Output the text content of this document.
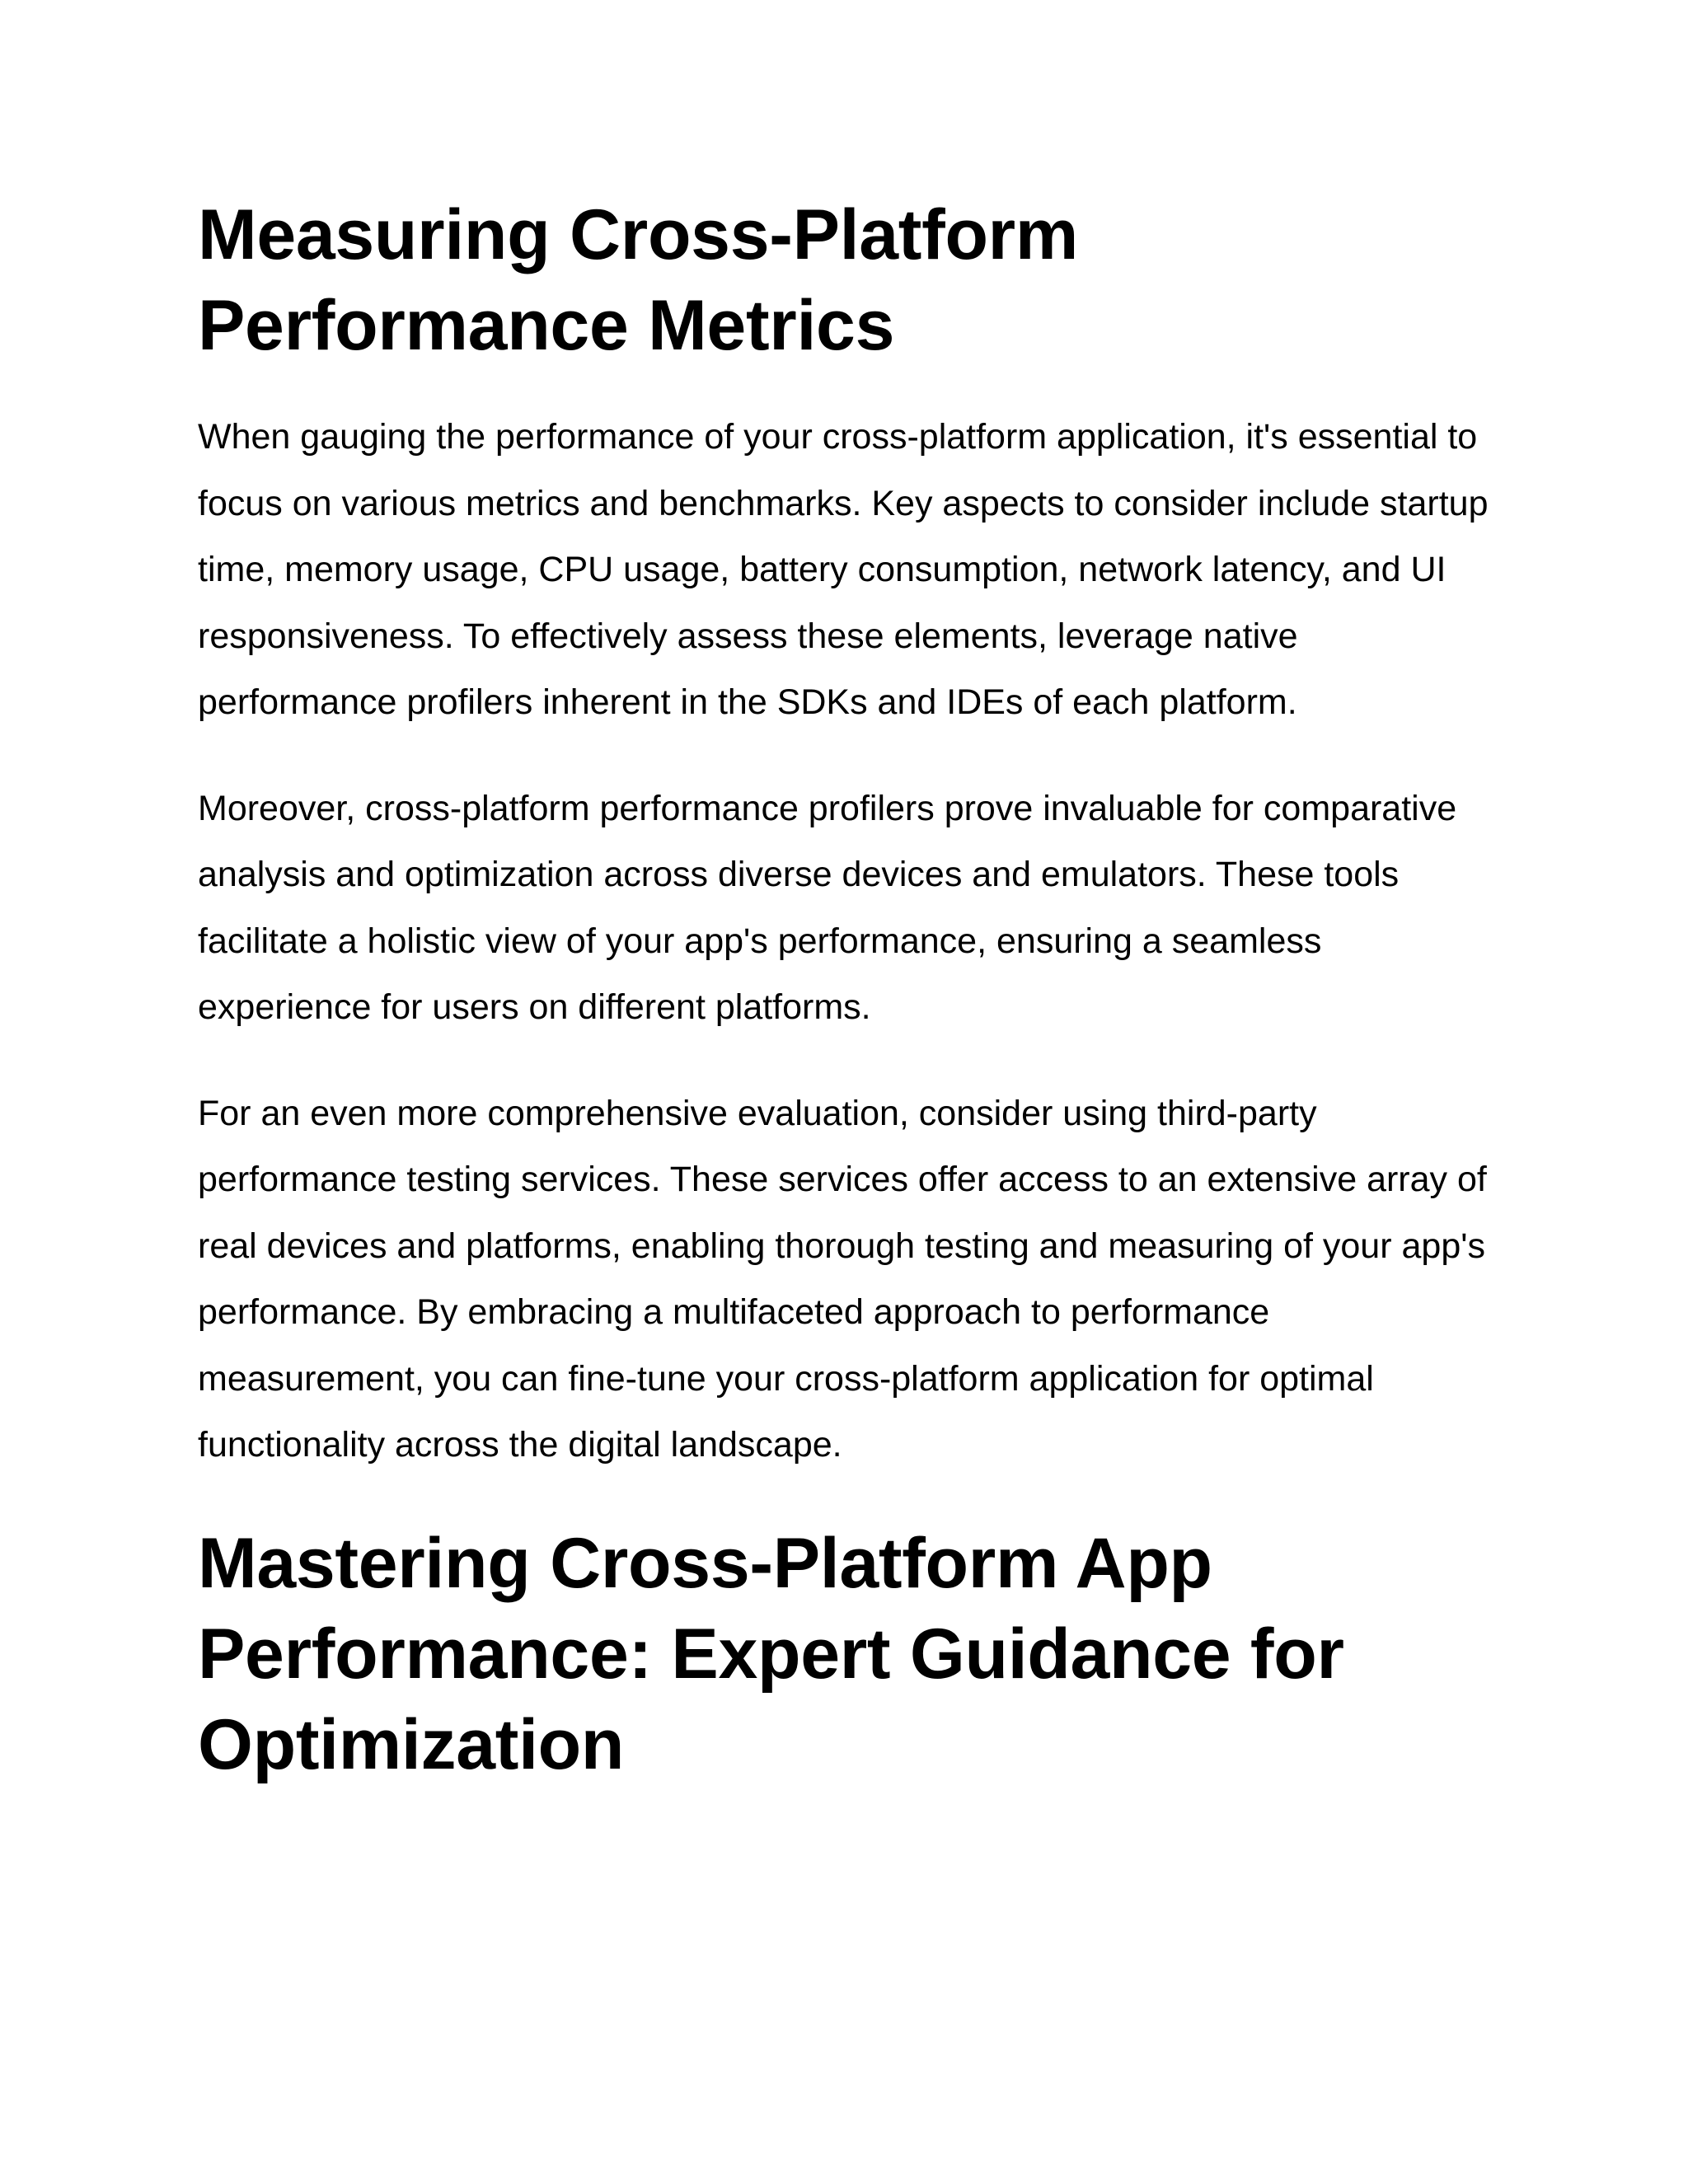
Measuring Cross-Platform Performance Metrics

When gauging the performance of your cross-platform application, it's essential to focus on various metrics and benchmarks. Key aspects to consider include startup time, memory usage, CPU usage, battery consumption, network latency, and UI responsiveness. To effectively assess these elements, leverage native performance profilers inherent in the SDKs and IDEs of each platform.

Moreover, cross-platform performance profilers prove invaluable for comparative analysis and optimization across diverse devices and emulators. These tools facilitate a holistic view of your app's performance, ensuring a seamless experience for users on different platforms.

For an even more comprehensive evaluation, consider using third-party performance testing services. These services offer access to an extensive array of real devices and platforms, enabling thorough testing and measuring of your app's performance. By embracing a multifaceted approach to performance measurement, you can fine-tune your cross-platform application for optimal functionality across the digital landscape.

Mastering Cross-Platform App Performance: Expert Guidance for Optimization
